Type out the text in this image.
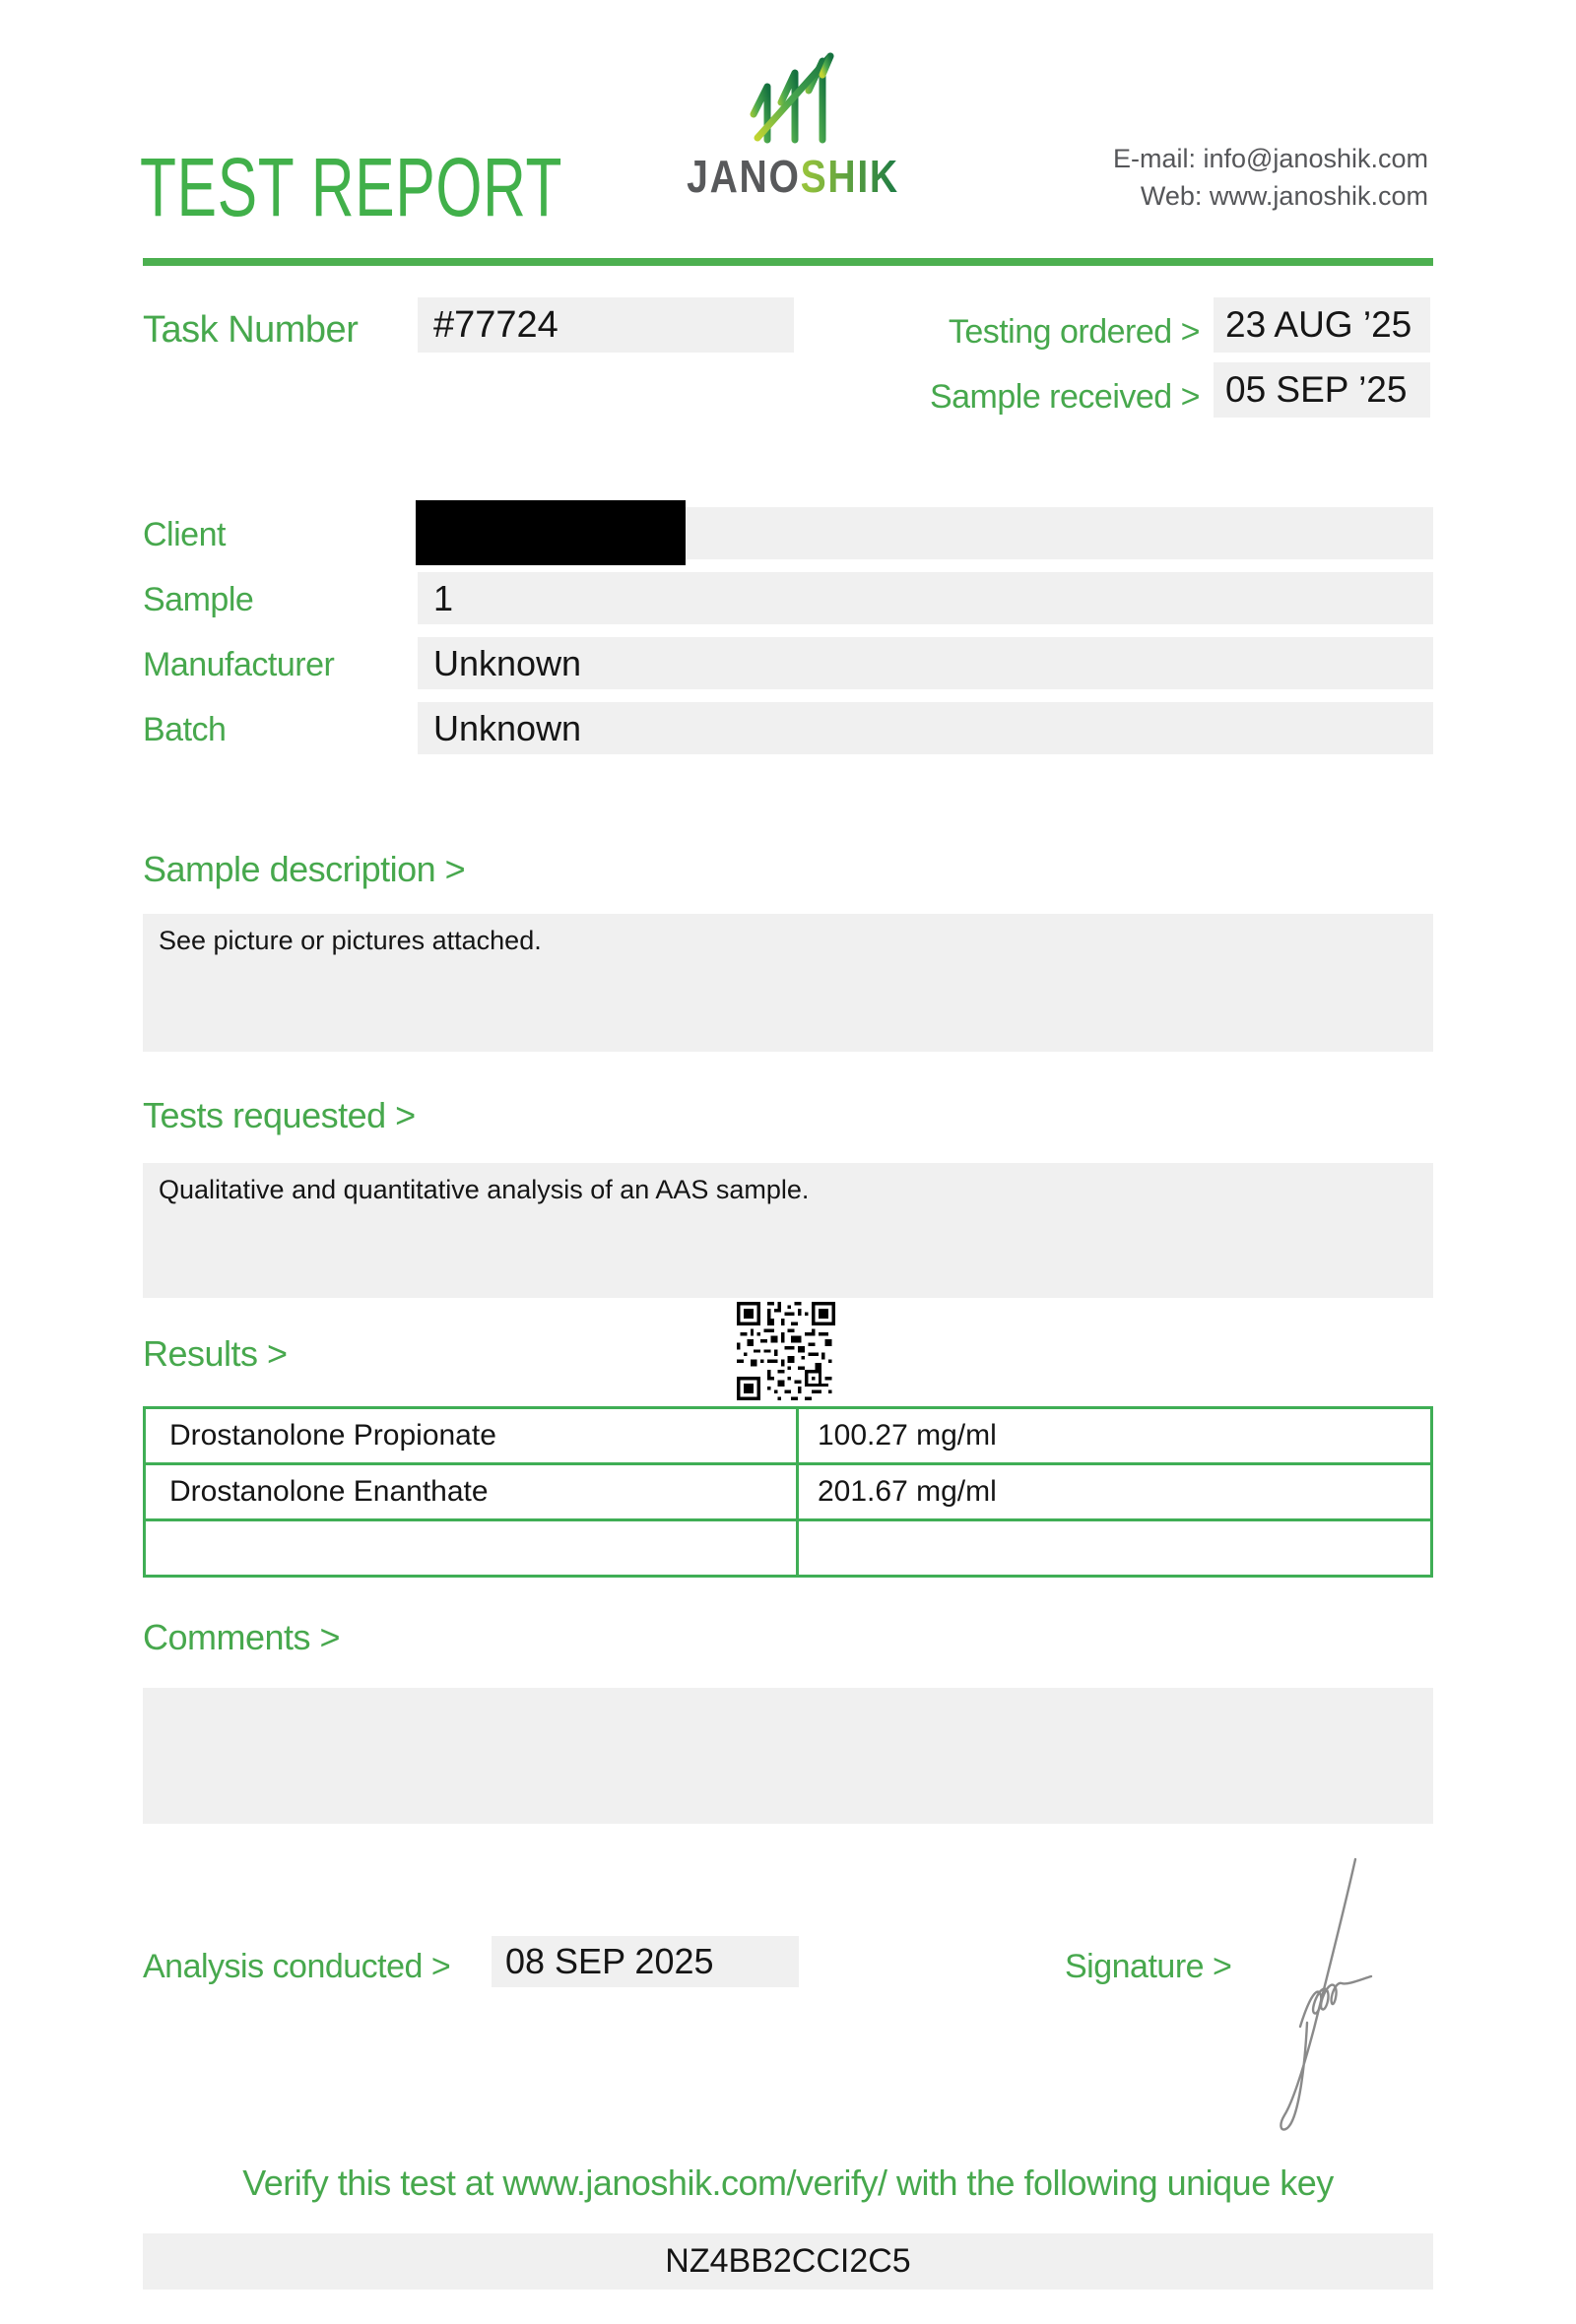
TEST REPORT	JANOSHIK	E-mail: info@janoshik.com
Web: www.janoshik.com
Task Number	#77724	Testing ordered > 23 AUG ’25
Sample received > 05 SEP ’25
Client
Sample	1
Manufacturer	Unknown
Batch	Unknown
Sample description >
See picture or pictures attached.
Tests requested >
Qualitative and quantitative analysis of an AAS sample.
Results >
Drostanolone Propionate	100.27 mg/ml
Drostanolone Enanthate	201.67 mg/ml
Comments >
Analysis conducted >	08 SEP 2025	Signature >
Verify this test at www.janoshik.com/verify/ with the following unique key
NZ4BB2CCI2C5
